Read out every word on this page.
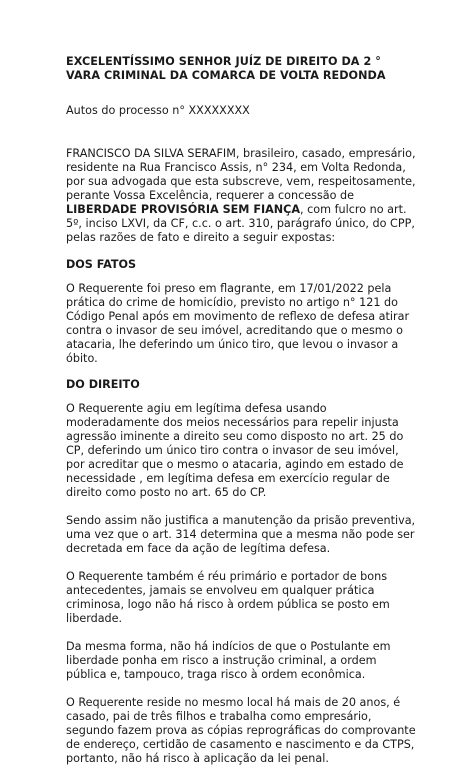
EXCELENTÍSSIMO SENHOR JUÍZ DE DIREITO DA 2 ° VARA CRIMINAL DA COMARCA DE VOLTA REDONDA
Autos do processo n° XXXXXXXX

FRANCISCO DA SILVA SERAFIM, brasileiro, casado, empresário, residente na Rua Francisco Assis, n° 234, em Volta Redonda, por sua advogada que esta subscreve, vem, respeitosamente, perante Vossa Excelência, requerer a concessão de LIBERDADE PROVISÓRIA SEM FIANÇA, com fulcro no art. 5º, inciso LXVI, da CF, c.c. o art. 310, parágrafo único, do CPP, pelas razões de fato e direito a seguir expostas:

DOS FATOS

O Requerente foi preso em flagrante, em 17/01/2022 pela prática do crime de homicídio, previsto no artigo n° 121 do Código Penal após em movimento de reflexo de defesa atirar contra o invasor de seu imóvel, acreditando que o mesmo o atacaria, lhe deferindo um único tiro, que levou o invasor a óbito.

DO DIREITO

O Requerente agiu em legítima defesa usando moderadamente dos meios necessários para repelir injusta agressão iminente a direito seu como disposto no art. 25 do CP, deferindo um único tiro contra o invasor de seu imóvel, por acreditar que o mesmo o atacaria, agindo em estado de necessidade , em legítima defesa em exercício regular de direito como posto no art. 65 do CP.

Sendo assim não justifica a manutenção da prisão preventiva, uma vez que o art. 314 determina que a mesma não pode ser decretada em face da ação de legítima defesa.

O Requerente também é réu primário e portador de bons antecedentes, jamais se envolveu em qualquer prática criminosa, logo não há risco à ordem pública se posto em liberdade.

Da mesma forma, não há indícios de que o Postulante em liberdade ponha em risco a instrução criminal, a ordem pública e, tampouco, traga risco à ordem econômica.

O Requerente reside no mesmo local há mais de 20 anos, é casado, pai de três filhos e trabalha como empresário, segundo fazem prova as cópias reprográficas do comprovante de endereço, certidão de casamento e nascimento e da CTPS, portanto, não há risco à aplicação da lei penal.
